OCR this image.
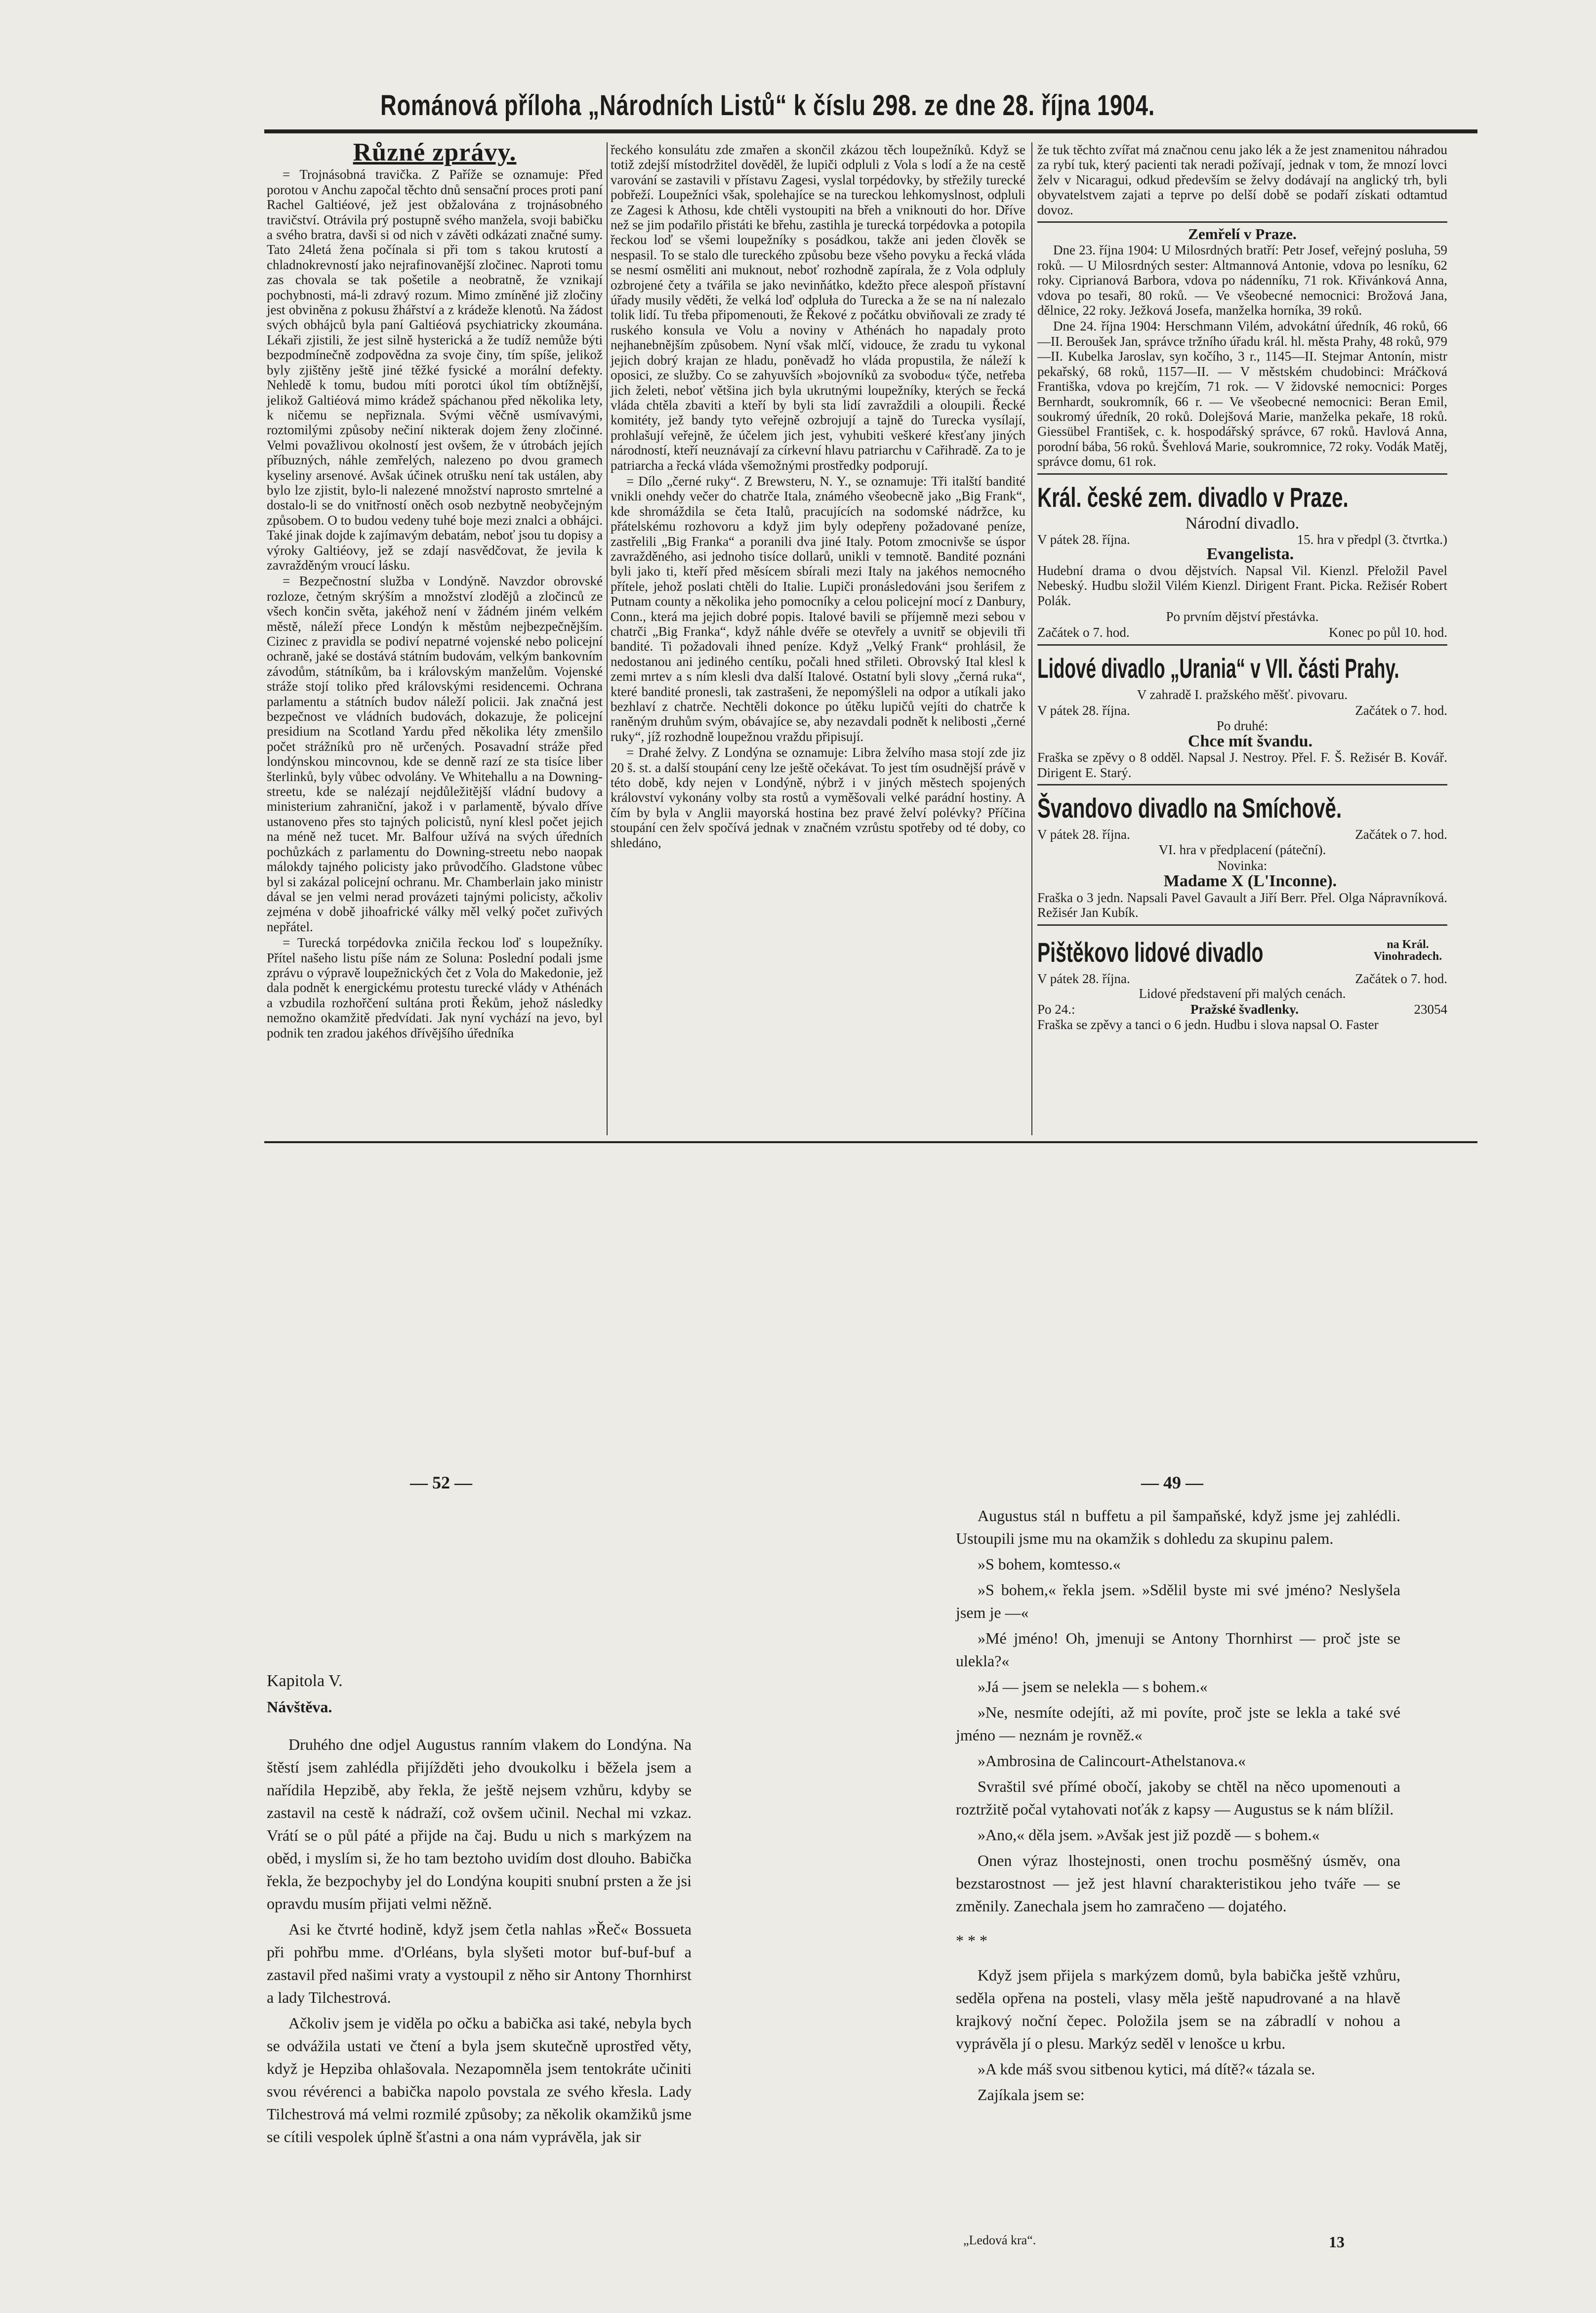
Románová příloha „Národních Listů“ k číslu 298. ze dne 28. října 1904.
Různé zprávy.

= Trojnásobná travička. Z Paříže se oznamuje: Před porotou v Anchu započal těchto dnů sensační proces proti paní Rachel Galtiéové, jež jest obžalována z trojnásobného travičství. Otrávila prý postupně svého manžela, svoji babičku a svého bratra, davši si od nich v závěti odkázati značné sumy. Tato 24letá žena počínala si při tom s takou krutostí a chladnokrevností jako nejrafinovanější zločinec. Naproti tomu zas chovala se tak pošetile a neobratně, že vznikají pochybnosti, má-li zdravý rozum. Mimo zmíněné již zločiny jest obviněna z pokusu žhářství a z krádeže klenotů. Na žádost svých obhájců byla paní Galtiéová psychiatricky zkoumána. Lékaři zjistili, že jest silně hysterická a že tudíž nemůže býti bezpodmínečně zodpovědna za svoje činy, tím spíše, jelikož byly zjištěny ještě jiné těžké fysické a morální defekty. Nehledě k tomu, budou míti porotci úkol tím obtížnější, jelikož Galtiéová mimo krádež spáchanou před několika lety, k ničemu se nepřiznala. Svými věčně usmívavými, roztomilými způsoby nečiní nikterak dojem ženy zločinné. Velmi považlivou okolností jest ovšem, že v útrobách jejích příbuzných, náhle zemřelých, nalezeno po dvou gramech kyseliny arsenové. Avšak účinek otrušku není tak ustálen, aby bylo lze zjistit, bylo-li nalezené množství naprosto smrtelné a dostalo-li se do vnitřností oněch osob nezbytně neobyčejným způsobem. O to budou vedeny tuhé boje mezi znalci a obhájci. Také jinak dojde k zajímavým debatám, neboť jsou tu dopisy a výroky Galtiéovy, jež se zdají nasvědčovat, že jevila k zavražděným vroucí lásku.

= Bezpečnostní služba v Londýně. Navzdor obrovské rozloze, četným skrýším a množství zlodějů a zločinců ze všech končin světa, jakéhož není v žádném jiném velkém městě, náleží přece Londýn k městům nejbezpečnějším. Cizinec z pravidla se podiví nepatrné vojenské nebo policejní ochraně, jaké se dostává státním budovám, velkým bankovním závodům, státníkům, ba i královským manželům. Vojenské stráže stojí toliko před královskými residencemi. Ochrana parlamentu a státních budov náleží policii. Jak značná jest bezpečnost ve vládních budovách, dokazuje, že policejní presidium na Scotland Yardu před několika léty zmenšilo počet strážníků pro ně určených. Posavadní stráže před londýnskou mincovnou, kde se denně razí ze sta tisíce liber šterlinků, byly vůbec odvolány. Ve Whitehallu a na Downing-streetu, kde se nalézají nejdůležitější vládní budovy a ministerium zahraniční, jakož i v parlamentě, bývalo dříve ustanoveno přes sto tajných policistů, nyní klesl počet jejich na méně než tucet. Mr. Balfour užívá na svých úředních pochůzkách z parlamentu do Downing-streetu nebo naopak málokdy tajného policisty jako průvodčího. Gladstone vůbec byl si zakázal policejní ochranu. Mr. Chamberlain jako ministr dával se jen velmi nerad provázeti tajnými policisty, ačkoliv zejména v době jihoafrické války měl velký počet zuřivých nepřátel.

= Turecká torpédovka zničila řeckou loď s loupežníky. Přítel našeho listu píše nám ze Soluna: Poslední podali jsme zprávu o výpravě loupežnických čet z Vola do Makedonie, jež dala podnět k energickému protestu turecké vlády v Athénách a vzbudila rozhořčení sultána proti Řekům, jehož následky nemožno okamžitě předvídati. Jak nyní vychází na jevo, byl podnik ten zradou jakéhos dřívějšího úředníka

řeckého konsulátu zde zmařen a skončil zkázou těch loupežníků. Když se totiž zdejší místodržitel dověděl, že lupiči odpluli z Vola s lodí a že na cestě varování se zastavili v přístavu Zagesi, vyslal torpédovky, by střežily turecké pobřeží. Loupežníci však, spolehajíce se na tureckou lehkomyslnost, odpluli ze Zagesi k Athosu, kde chtěli vystoupiti na břeh a vniknouti do hor. Dříve než se jim podařilo přistáti ke břehu, zastihla je turecká torpédovka a potopila řeckou loď se všemi loupežníky s posádkou, takže ani jeden člověk se nespasil. To se stalo dle tureckého způsobu beze všeho povyku a řecká vláda se nesmí osměliti ani muknout, neboť rozhodně zapírala, že z Vola odpluly ozbrojené čety a tvářila se jako nevinňátko, kdežto přece alespoň přístavní úřady musily věděti, že velká loď odpluła do Turecka a že se na ní nalezalo tolik lidí. Tu třeba připomenouti, že Řekové z počátku obviňovali ze zrady té ruského konsula ve Volu a noviny v Athénách ho napadaly proto nejhanebnějším způsobem. Nyní však mlčí, vidouce, že zradu tu vykonal jejich dobrý krajan ze hladu, poněvadž ho vláda propustila, že náleží k oposici, ze služby. Co se zahyuvších »bojovníků za svobodu« týče, netřeba jich želeti, neboť většina jich byla ukrutnými loupežníky, kterých se řecká vláda chtěla zbaviti a kteří by byli sta lidí zavraždili a oloupili. Řecké komitéty, jež bandy tyto veřejně ozbrojují a tajně do Turecka vysílají, prohlašují veřejně, že účelem jich jest, vyhubiti veškeré křesťany jiných národností, kteří neuznávají za církevní hlavu patriarchu v Cařihradě. Za to je patriarcha a řecká vláda všemožnými prostředky podporují.

= Dílo „černé ruky“. Z Brewsteru, N. Y., se oznamuje: Tři italští bandité vnikli onehdy večer do chatrče Itala, známého všeobecně jako „Big Frank“, kde shromáždila se četa Italů, pracujících na sodomské nádržce, ku přátelskému rozhovoru a když jim byly odepřeny požadované peníze, zastřelili „Big Franka“ a poranili dva jiné Italy. Potom zmocnivše se úspor zavražděného, asi jednoho tisíce dollarů, unikli v temnotě. Bandité poznáni byli jako ti, kteří před měsícem sbírali mezi Italy na jakéhos nemocného přítele, jehož poslati chtěli do Italie. Lupiči pronásledováni jsou šerifem z Putnam county a několika jeho pomocníky a celou policejní mocí z Danbury, Conn., která ma jejich dobré popis. Italové bavili se příjemně mezi sebou v chatrči „Big Franka“, když náhle dvéře se otevřely a uvnitř se objevili tři bandité. Ti požadovali ihned peníze. Když „Velký Frank“ prohlásil, že nedostanou ani jediného centíku, počali hned střileti. Obrovský Ital klesl k zemi mrtev a s ním klesli dva další Italové. Ostatní byli slovy „černá ruka“, které bandité pronesli, tak zastrašeni, že nepomýšleli na odpor a utíkali jako bezhlaví z chatrče. Nechtěli dokonce po útěku lupičů vejíti do chatrče k raněným druhům svým, obávajíce se, aby nezavdali podnět k nelibosti „černé ruky“, jíž rozhodně loupežnou vraždu připisují.

= Drahé želvy. Z Londýna se oznamuje: Libra želvího masa stojí zde jiz 20 š. st. a další stoupání ceny lze ještě očekávat. To jest tím osudnější právě v této době, kdy nejen v Londýně, nýbrž i v jiných městech spojených království vykonány volby sta rostů a vyměšovali velké parádní hostiny. A čím by byla v Anglii mayorská hostina bez pravé želví polévky? Příčina stoupání cen želv spočívá jednak v značném vzrůstu spotřeby od té doby, co shledáno,

že tuk těchto zvířat má značnou cenu jako lék a že jest znamenitou náhradou za rybí tuk, který pacienti tak neradi požívají, jednak v tom, že mnozí lovci želv v Nicaragui, odkud především se želvy dodávají na anglický trh, byli obyvatelstvem zajati a teprve po delší době se podaří získati odtamtud dovoz.

Zemřelí v Praze.

Dne 23. října 1904: U Milosrdných bratří: Petr Josef, veřejný posluha, 59 roků. — U Milosrdných sester: Altmannová Antonie, vdova po lesníku, 62 roky. Ciprianová Barbora, vdova po nádenníku, 71 rok. Křivánková Anna, vdova po tesaři, 80 roků. — Ve všeobecné nemocnici: Brožová Jana, dělnice, 22 roky. Ježková Josefa, manželka horníka, 39 roků.

Dne 24. října 1904: Herschmann Vilém, advokátní úředník, 46 roků, 66—II. Beroušek Jan, správce tržního úřadu král. hl. města Prahy, 48 roků, 979—II. Kubelka Jaroslav, syn kočího, 3 r., 1145—II. Stejmar Antonín, mistr pekařský, 68 roků, 1157—II. — V městském chudobinci: Mráčková Františka, vdova po krejčím, 71 rok. — V židovské nemocnici: Porges Bernhardt, soukromník, 66 r. — Ve všeobecné nemocnici: Beran Emil, soukromý úředník, 20 roků. Dolejšová Marie, manželka pekaře, 18 roků. Giessübel František, c. k. hospodářský správce, 67 roků. Havlová Anna, porodní bába, 56 roků. Švehlová Marie, soukromnice, 72 roky. Vodák Matěj, správce domu, 61 rok.

Král. české zem. divadlo v Praze.

Národní divadlo.

V pátek 28. října.	15. hra v předpl (3. čtvrtka.)

Evangelista.

Hudební drama o dvou dějstvích. Napsal Vil. Kienzl. Přeložil Pavel Nebeský. Hudbu složil Vilém Kienzl. Dirigent Frant. Picka. Režisér Robert Polák.

Po prvním dějství přestávka.

Začátek o 7. hod.	Konec po půl 10. hod.
Lidové divadlo „Urania“ v VII. části Prahy.

V zahradě I. pražského měšť. pivovaru.

V pátek 28. října.	Začátek o 7. hod.

Po druhé:

Chce mít švandu.

Fraška se zpěvy o 8 odděl. Napsal J. Nestroy. Přel. F. Š. Režisér B. Kovář. Dirigent E. Starý.

Švandovo divadlo na Smíchově.
V pátek 28. října.	Začátek o 7. hod.

VI. hra v předplacení (páteční).

Novinka:

Madame X (L'Inconne).

Fraška o 3 jedn. Napsali Pavel Gavault a Jiří Berr. Přel. Olga Nápravníková. Režisér Jan Kubík.

Pištěkovo lidové divadlo	na Král. Vinohradech.
V pátek 28. října.	Začátek o 7. hod.

Lidové představení při malých cenách.

Po 24.:	Pražské švadlenky.	23054

Fraška se zpěvy a tanci o 6 jedn. Hudbu i slova napsal O. Faster

— 52 —

Kapitola V.

Návštěva.

Druhého dne odjel Augustus ranním vlakem do Londýna. Na štěstí jsem zahlédla přijížděti jeho dvoukolku i běžela jsem a nařídila Hepzibě, aby řekla, že ještě nejsem vzhůru, kdyby se zastavil na cestě k nádraží, což ovšem učinil. Nechal mi vzkaz. Vrátí se o půl páté a přijde na čaj. Budu u nich s markýzem na oběd, i myslím si, že ho tam beztoho uvidím dost dlouho. Babička řekla, že bezpochyby jel do Londýna koupiti snubní prsten a že jsi opravdu musím přijati velmi něžně.

Asi ke čtvrté hodině, když jsem četla nahlas »Řeč« Bossueta při pohřbu mme. d'Orléans, byla slyšeti motor buf-buf-buf a zastavil před našimi vraty a vystoupil z něho sir Antony Thornhirst a lady Tilchestrová.

Ačkoliv jsem je viděla po očku a babička asi také, nebyla bych se odvážila ustati ve čtení a byla jsem skutečně uprostřed věty, když je Hepziba ohlašovala. Nezapomněla jsem tentokráte učiniti svou révérenci a babička napolo povstala ze svého křesla. Lady Tilchestrová má velmi rozmilé způsoby; za několik okamžiků jsme se cítili vespolek úplně šťastni a ona nám vyprávěla, jak sir

— 49 —

Augustus stál n buffetu a pil šampaňské, když jsme jej zahlédli. Ustoupili jsme mu na okamžik s dohledu za skupinu palem.

»S bohem, komtesso.«

»S bohem,« řekla jsem. »Sdělil byste mi své jméno? Neslyšela jsem je —«

»Mé jméno! Oh, jmenuji se Antony Thornhirst — proč jste se ulekla?«

»Já — jsem se nelekla — s bohem.«

»Ne, nesmíte odejíti, až mi povíte, proč jste se lekla a také své jméno — neznám je rovněž.«

»Ambrosina de Calincourt-Athelstanova.«

Svraštil své přímé obočí, jakoby se chtěl na něco upomenouti a roztržitě počal vytahovati noťák z kapsy — Augustus se k nám blížil.

»Ano,« děla jsem. »Avšak jest již pozdě — s bohem.«

Onen výraz lhostejnosti, onen trochu posměšný úsměv, ona bezstarostnost — jež jest hlavní charakteristikou jeho tváře — se změnily. Zanechala jsem ho zamračeno — dojatého.

* * *

Když jsem přijela s markýzem domů, byla babička ještě vzhůru, seděla opřena na posteli, vlasy měla ještě napudrované a na hlavě krajkový noční čepec. Položila jsem se na zábradlí v nohou a vyprávěla jí o plesu. Markýz seděl v lenošce u krbu.

»A kde máš svou sitbenou kytici, má dítě?« tázala se.

Zajíkala jsem se:

„Ledová kra“.	13
